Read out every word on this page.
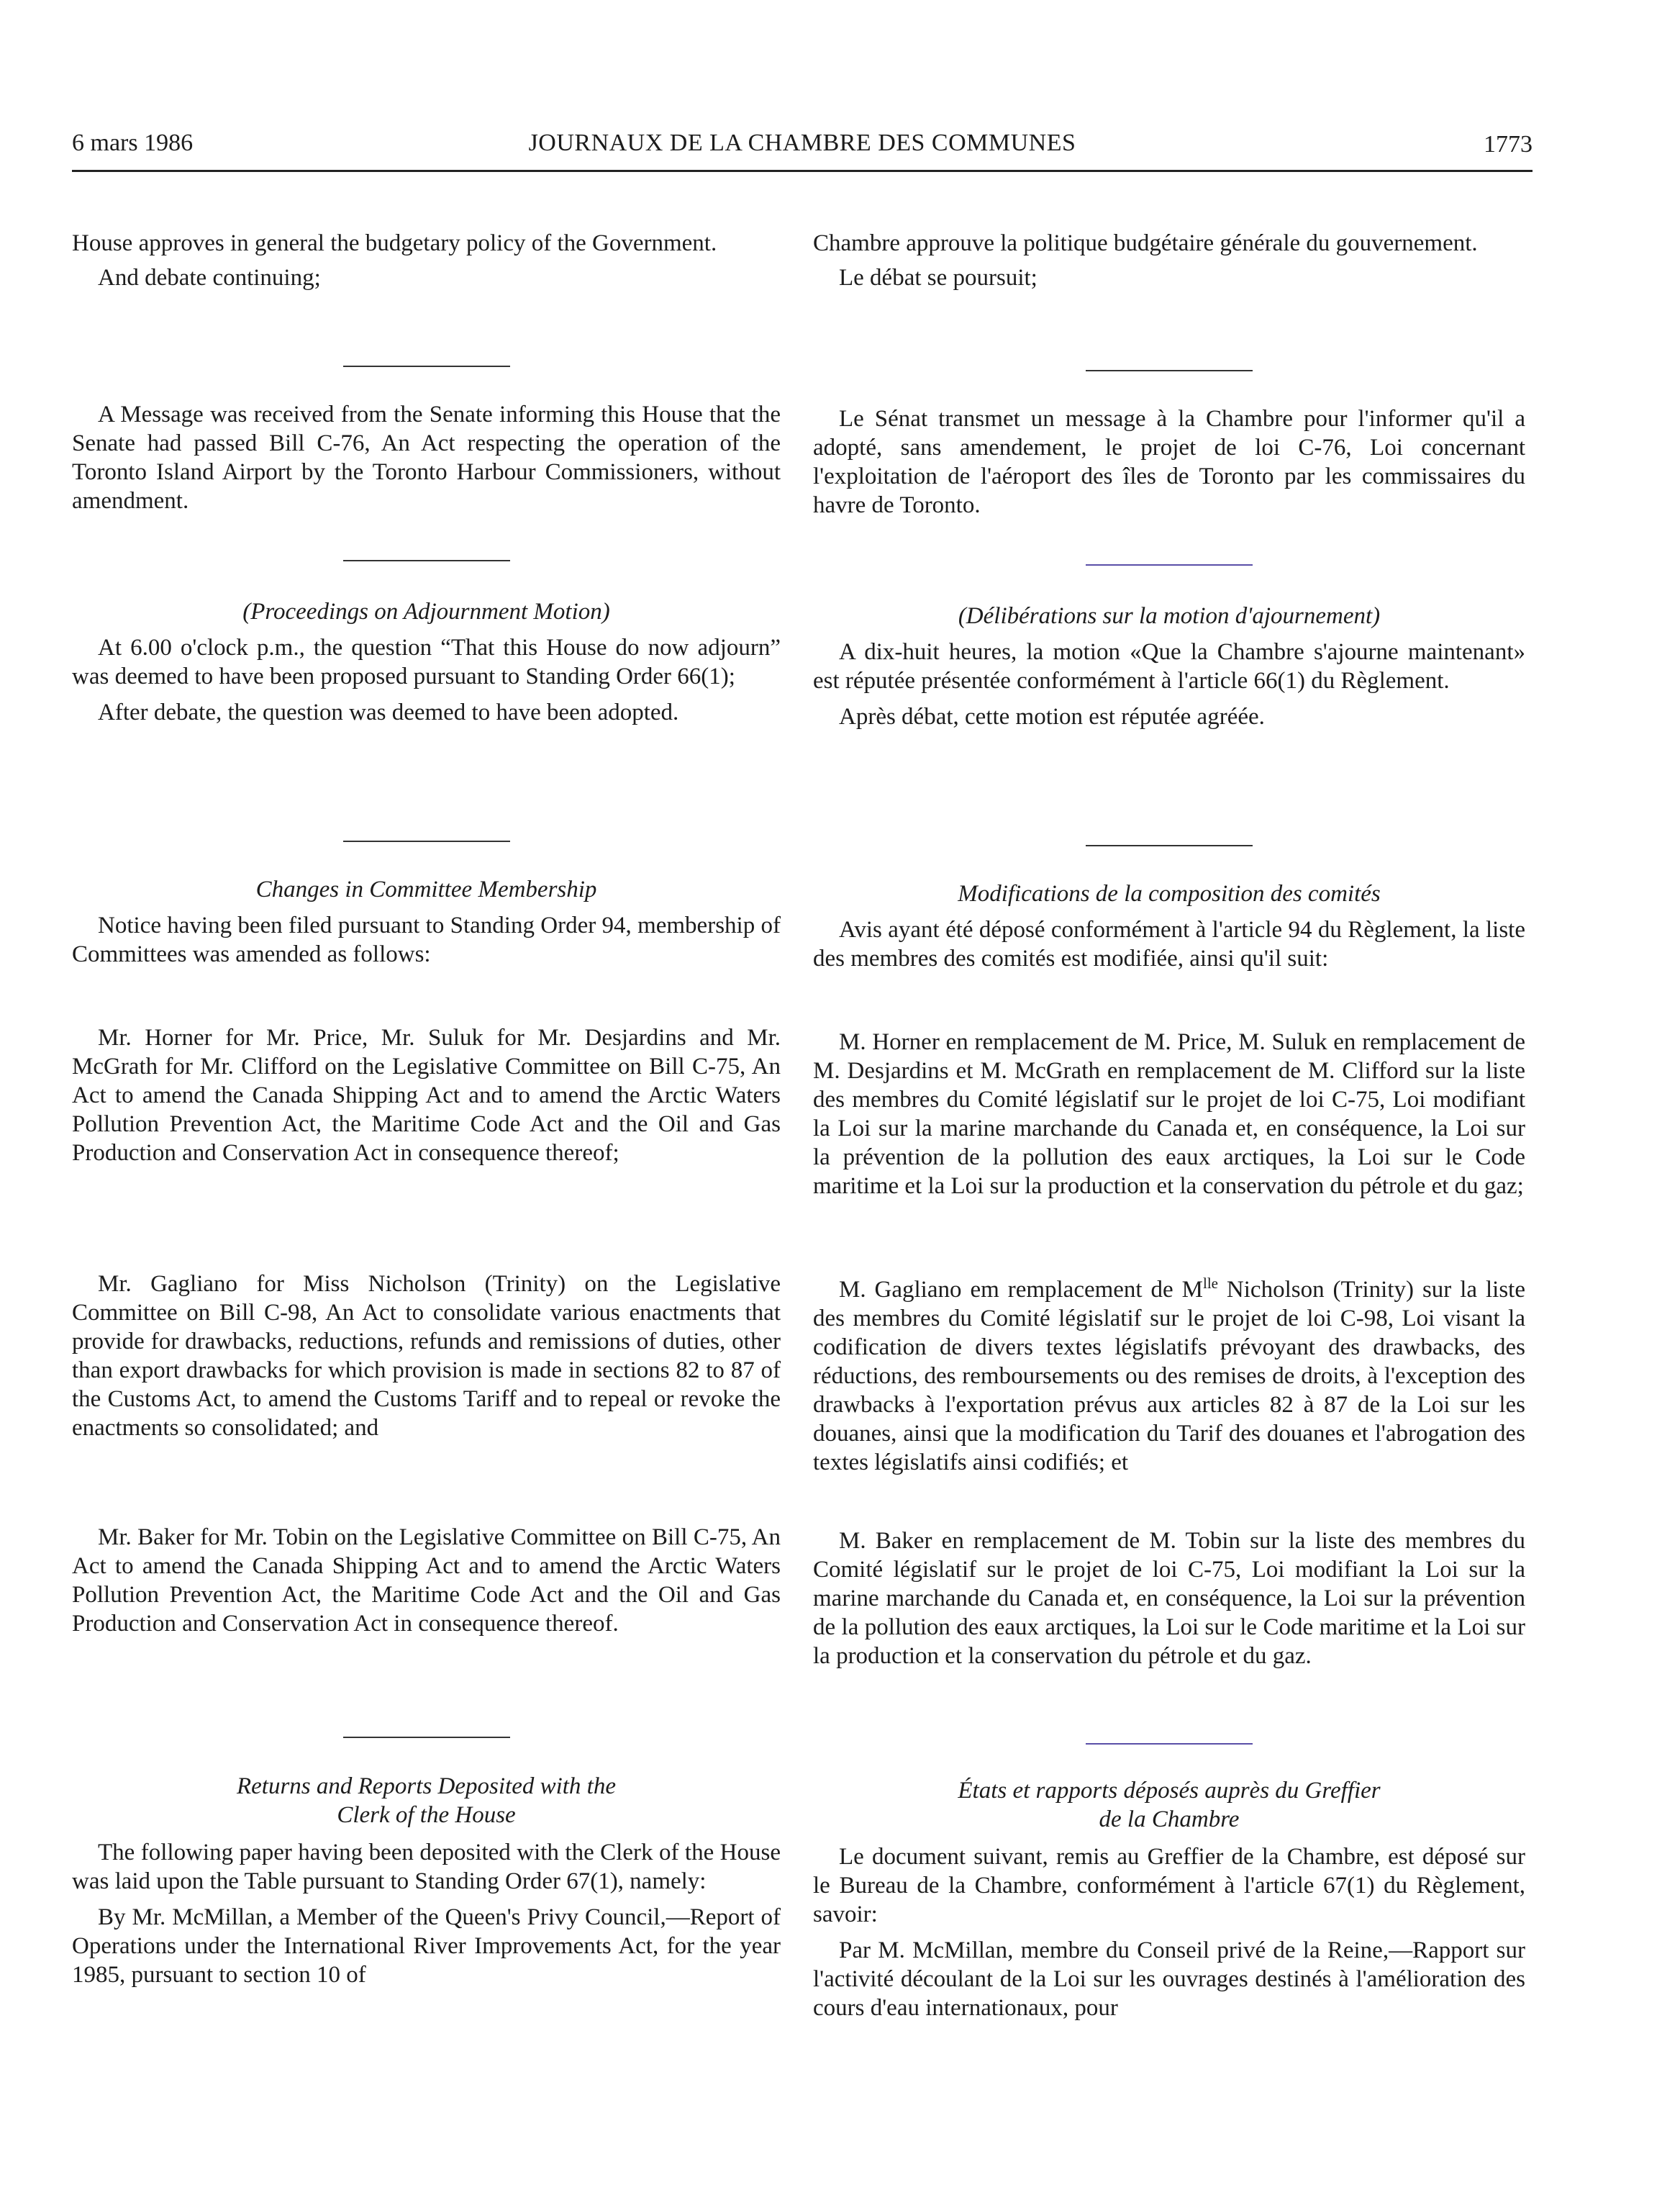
6 mars 1986	JOURNAUX DE LA CHAMBRE DES COMMUNES	1773

House approves in general the budgetary policy of the Government.

And debate continuing;

A Message was received from the Senate informing this House that the Senate had passed Bill C-76, An Act respecting the operation of the Toronto Island Airport by the Toronto Harbour Commissioners, without amendment.

(Proceedings on Adjournment Motion)

At 6.00 o'clock p.m., the question “That this House do now adjourn” was deemed to have been proposed pursuant to Standing Order 66(1);

After debate, the question was deemed to have been adopted.

Changes in Committee Membership

Notice having been filed pursuant to Standing Order 94, membership of Committees was amended as follows:

Mr. Horner for Mr. Price, Mr. Suluk for Mr. Desjardins and Mr. McGrath for Mr. Clifford on the Legislative Committee on Bill C-75, An Act to amend the Canada Shipping Act and to amend the Arctic Waters Pollution Prevention Act, the Maritime Code Act and the Oil and Gas Production and Conservation Act in consequence thereof;

Mr. Gagliano for Miss Nicholson (Trinity) on the Legislative Committee on Bill C-98, An Act to consolidate various enactments that provide for drawbacks, reductions, refunds and remissions of duties, other than export drawbacks for which provision is made in sections 82 to 87 of the Customs Act, to amend the Customs Tariff and to repeal or revoke the enactments so consolidated; and

Mr. Baker for Mr. Tobin on the Legislative Committee on Bill C-75, An Act to amend the Canada Shipping Act and to amend the Arctic Waters Pollution Prevention Act, the Maritime Code Act and the Oil and Gas Production and Conservation Act in consequence thereof.

Returns and Reports Deposited with the

Clerk of the House

The following paper having been deposited with the Clerk of the House was laid upon the Table pursuant to Standing Order 67(1), namely:

By Mr. McMillan, a Member of the Queen's Privy Council,—Report of Operations under the International River Improvements Act, for the year 1985, pursuant to section 10 of

Chambre approuve la politique budgétaire générale du gouvernement.

Le débat se poursuit;

Le Sénat transmet un message à la Chambre pour l'informer qu'il a adopté, sans amendement, le projet de loi C-76, Loi concernant l'exploitation de l'aéroport des îles de Toronto par les commissaires du havre de Toronto.

(Délibérations sur la motion d'ajournement)

A dix-huit heures, la motion «Que la Chambre s'ajourne maintenant» est réputée présentée conformément à l'article 66(1) du Règlement.

Après débat, cette motion est réputée agréée.

Modifications de la composition des comités

Avis ayant été déposé conformément à l'article 94 du Règlement, la liste des membres des comités est modifiée, ainsi qu'il suit:

M. Horner en remplacement de M. Price, M. Suluk en remplacement de M. Desjardins et M. McGrath en remplacement de M. Clifford sur la liste des membres du Comité législatif sur le projet de loi C-75, Loi modifiant la Loi sur la marine marchande du Canada et, en conséquence, la Loi sur la prévention de la pollution des eaux arctiques, la Loi sur le Code maritime et la Loi sur la production et la conservation du pétrole et du gaz;

M. Gagliano em remplacement de $M^{lle}$ Nicholson (Trinity) sur la liste des membres du Comité législatif sur le projet de loi C-98, Loi visant la codification de divers textes législatifs prévoyant des drawbacks, des réductions, des remboursements ou des remises de droits, à l'exception des drawbacks à l'exportation prévus aux articles 82 à 87 de la Loi sur les douanes, ainsi que la modification du Tarif des douanes et l'abrogation des textes législatifs ainsi codifiés; et

M. Baker en remplacement de M. Tobin sur la liste des membres du Comité législatif sur le projet de loi C-75, Loi modifiant la Loi sur la marine marchande du Canada et, en conséquence, la Loi sur la prévention de la pollution des eaux arctiques, la Loi sur le Code maritime et la Loi sur la production et la conservation du pétrole et du gaz.

États et rapports déposés auprès du Greffier

de la Chambre

Le document suivant, remis au Greffier de la Chambre, est déposé sur le Bureau de la Chambre, conformément à l'article 67(1) du Règlement, savoir:

Par M. McMillan, membre du Conseil privé de la Reine,—Rapport sur l'activité découlant de la Loi sur les ouvrages destinés à l'amélioration des cours d'eau internationaux, pour
